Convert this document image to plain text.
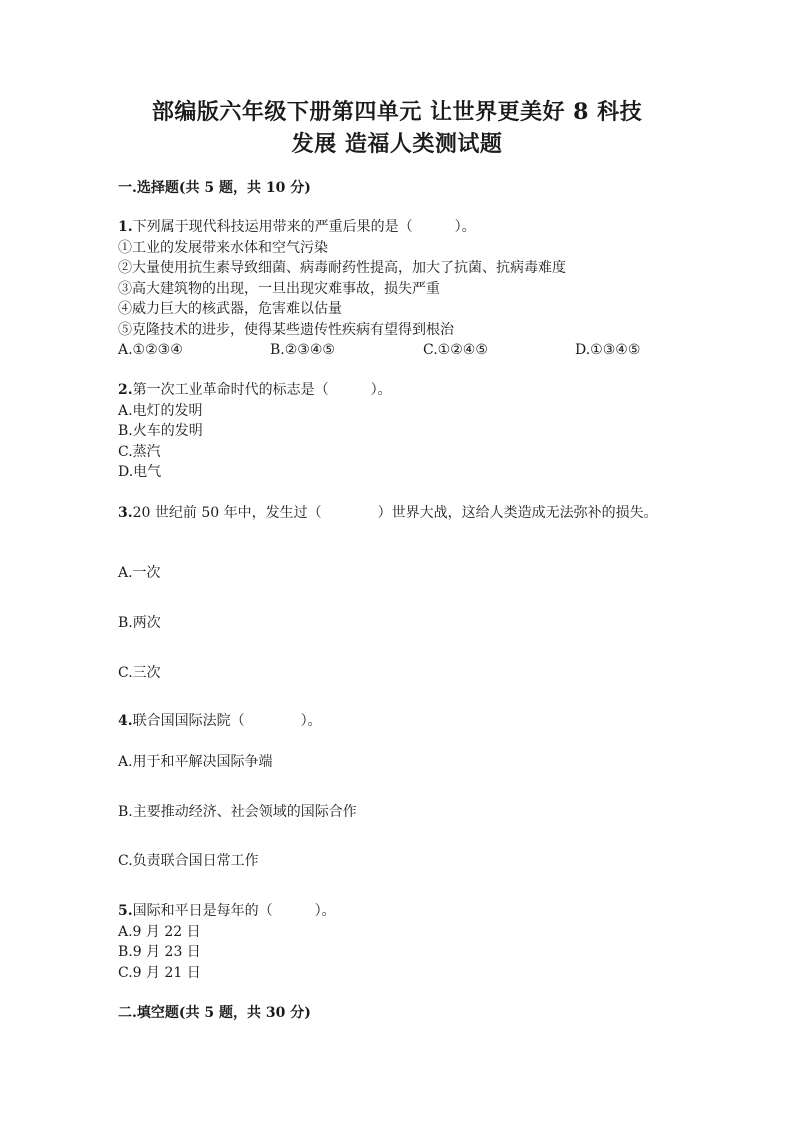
部编版六年级下册第四单元 让世界更美好 8 科技
发展 造福人类测试题
一.选择题(共 5 题，共 10 分)
1.下列属于现代科技运用带来的严重后果的是（　　　）。
①工业的发展带来水体和空气污染
②大量使用抗生素导致细菌、病毒耐药性提高，加大了抗菌、抗病毒难度
③高大建筑物的出现，一旦出现灾难事故，损失严重
④威力巨大的核武器，危害难以估量
⑤克隆技术的进步，使得某些遗传性疾病有望得到根治
A.①②③④	B.②③④⑤	C.①②④⑤	D.①③④⑤
2.第一次工业革命时代的标志是（　　　）。
A.电灯的发明
B.火车的发明
C.蒸汽
D.电气
3.20 世纪前 50 年中，发生过（　　　　）世界大战，这给人类造成无法弥补的损失。
A.一次
B.两次
C.三次
4.联合国国际法院（　　　　）。
A.用于和平解决国际争端
B.主要推动经济、社会领域的国际合作
C.负责联合国日常工作
5.国际和平日是每年的（　　　）。
A.9 月 22 日
B.9 月 23 日
C.9 月 21 日
二.填空题(共 5 题，共 30 分)
